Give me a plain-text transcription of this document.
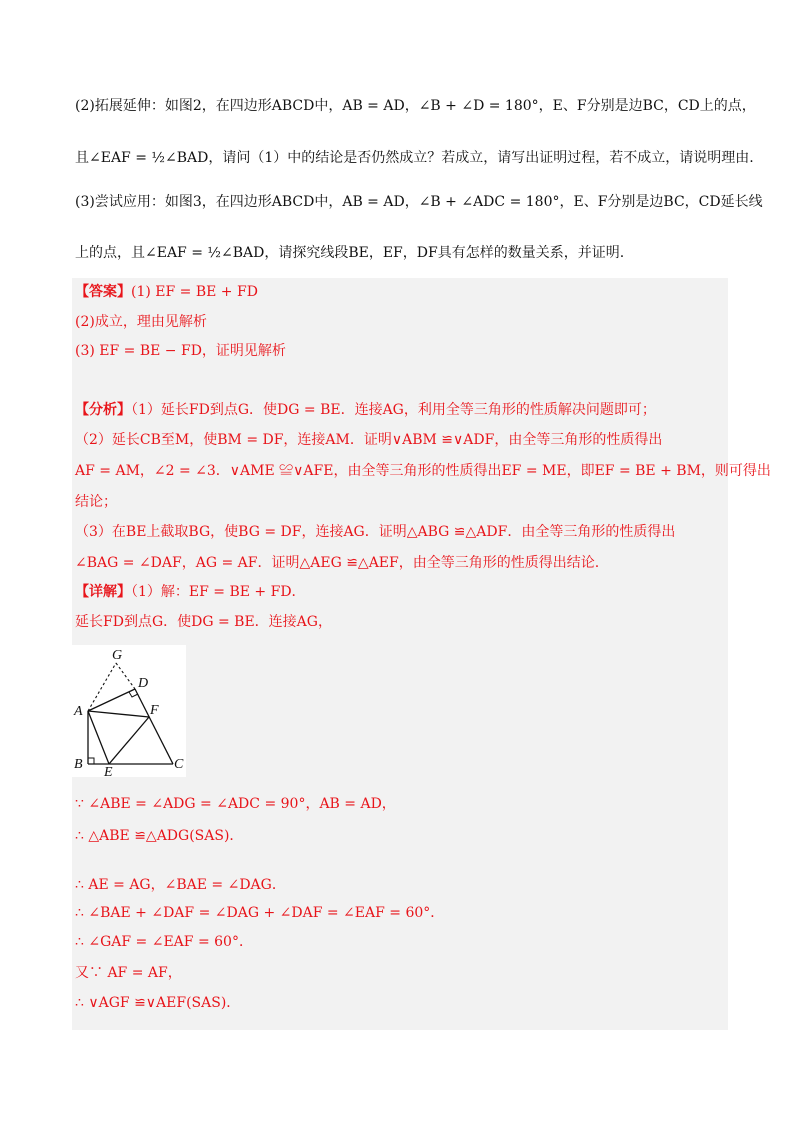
(2)拓展延伸：如图2，在四边形ABCD中，AB = AD，∠B + ∠D = 180°，E、F分别是边BC，CD上的点，
且∠EAF = ½∠BAD，请问（1）中的结论是否仍然成立？若成立，请写出证明过程，若不成立，请说明理由.
(3)尝试应用：如图3，在四边形ABCD中，AB = AD，∠B + ∠ADC = 180°，E、F分别是边BC，CD延长线
上的点，且∠EAF = ½∠BAD，请探究线段BE，EF，DF具有怎样的数量关系，并证明.
【答案】(1) EF = BE + FD
(2)成立，理由见解析
(3) EF = BE − FD，证明见解析
【分析】（1）延长FD到点G．使DG = BE．连接AG，利用全等三角形的性质解决问题即可；
（2）延长CB至M，使BM = DF，连接AM．证明∨ABM ≌∨ADF，由全等三角形的性质得出
AF = AM，∠2 = ∠3．∨AME ≌∨AFE，由全等三角形的性质得出EF = ME，即EF = BE + BM，则可得出
结论；
（3）在BE上截取BG，使BG = DF，连接AG．证明△ABG ≌△ADF．由全等三角形的性质得出
∠BAG = ∠DAF，AG = AF．证明△AEG ≌△AEF，由全等三角形的性质得出结论.
【详解】（1）解：EF = BE + FD．
延长FD到点G．使DG = BE．连接AG，
G
D
A	F
B
E
C
∵ ∠ABE = ∠ADG = ∠ADC = 90°，AB = AD，
∴ △ABE ≌△ADG(SAS)．
∴ AE = AG，∠BAE = ∠DAG．
∴ ∠BAE + ∠DAF = ∠DAG + ∠DAF = ∠EAF = 60°．
∴ ∠GAF = ∠EAF = 60°．
又∵ AF = AF，
∴ ∨AGF ≌∨AEF(SAS)．
